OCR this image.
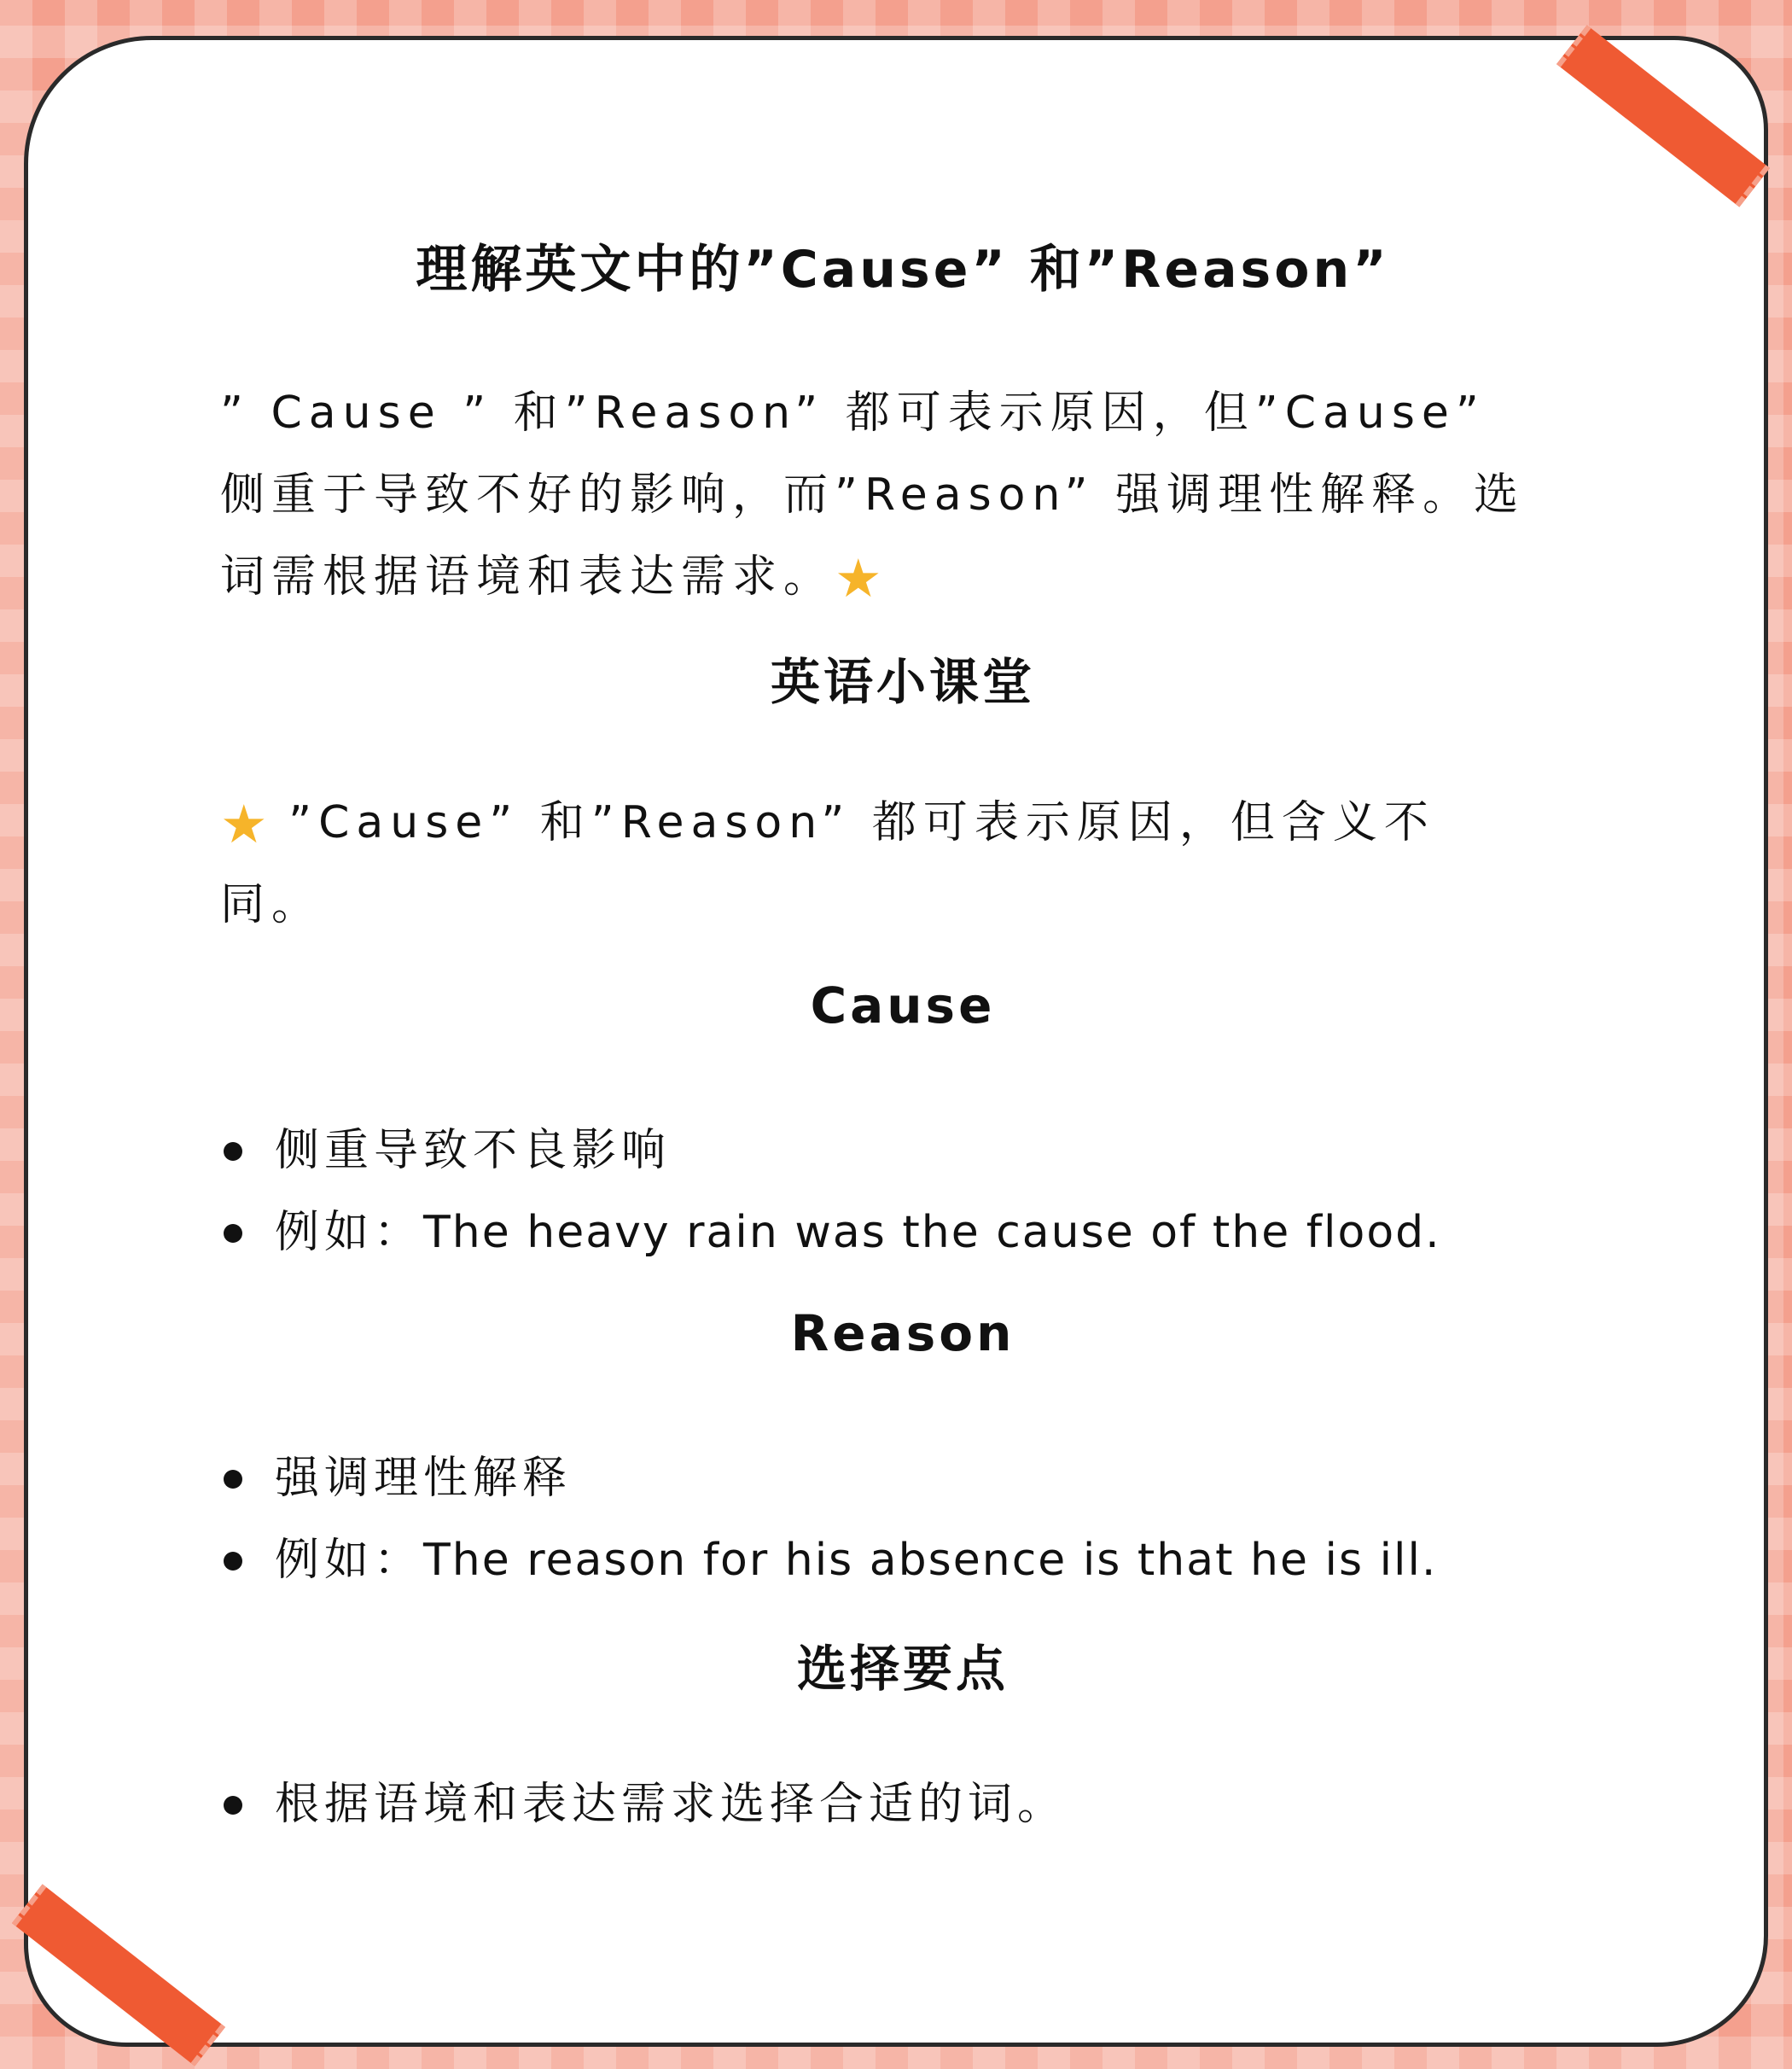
理解英文中的”Cause” 和”Reason”

” Cause ” 和”Reason” 都可表示原因，但”Cause” 侧重于导致不好的影响，而”Reason” 强调理性解释。选词需根据语境和表达需求。★

英语小课堂

★ ”Cause” 和”Reason” 都可表示原因，但含义不同。

Cause
侧重导致不良影响
例如：The heavy rain was the cause of the flood.
Reason
强调理性解释
例如：The reason for his absence is that he is ill.
选择要点
根据语境和表达需求选择合适的词。
